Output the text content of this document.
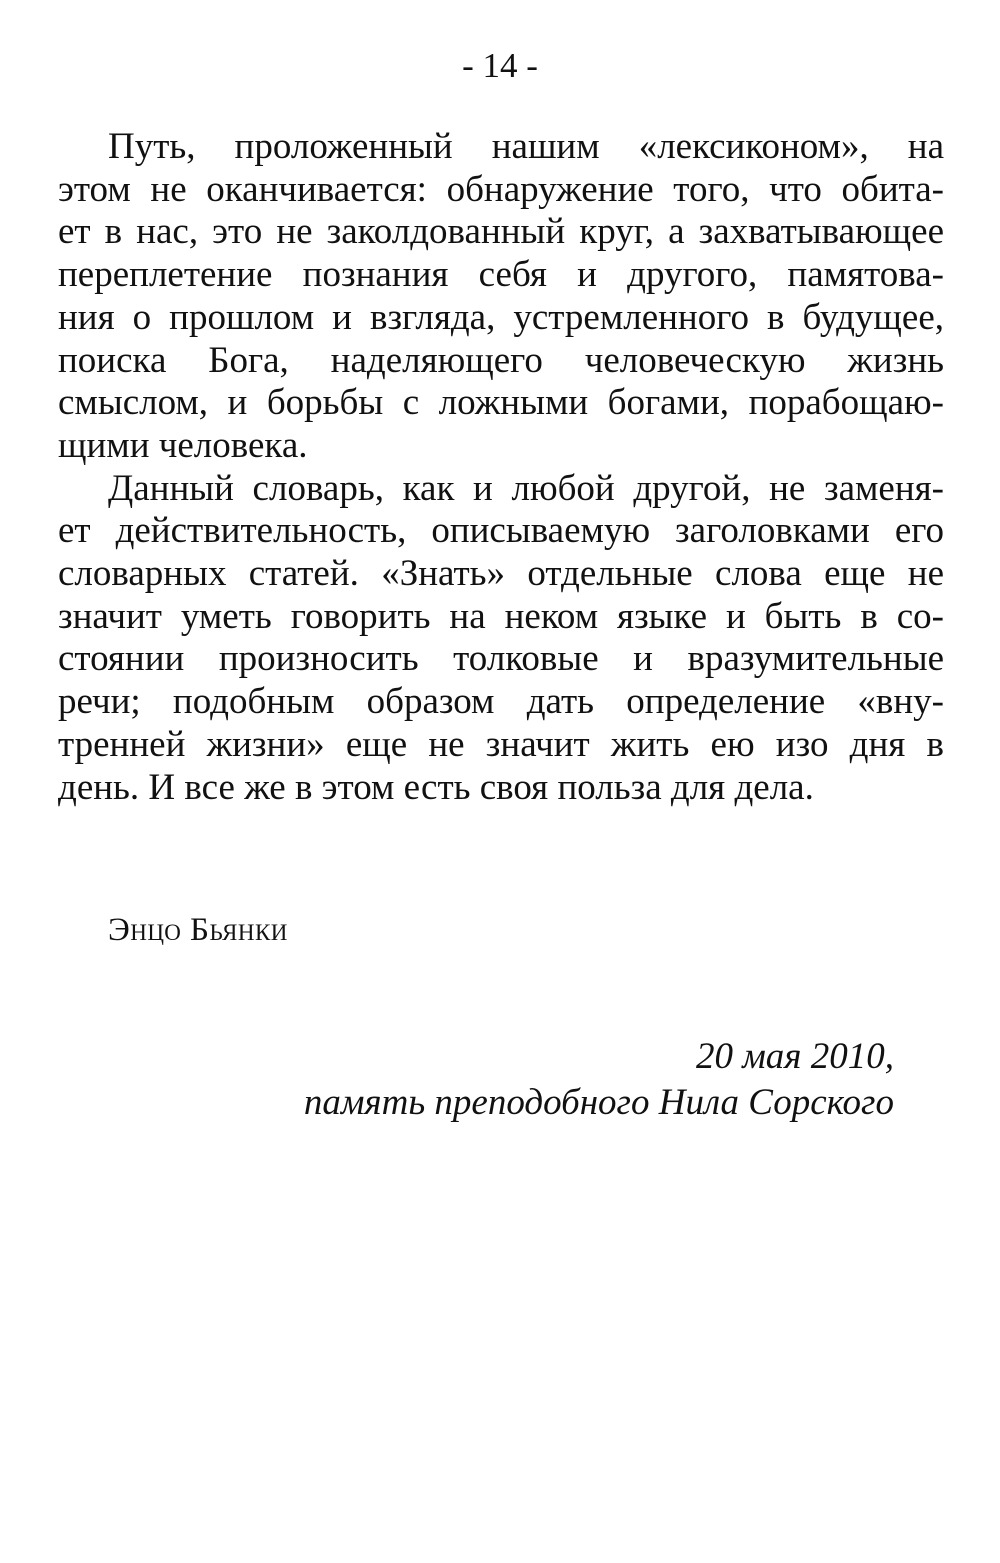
- 14 -

Путь, проложенный нашим «лексиконом», на
этом не оканчивается: обнаружение того, что обита-
ет в нас, это не заколдованный круг, а захватывающее
переплетение познания себя и другого, памятова-
ния о прошлом и взгляда, устремленного в будущее,
поиска Бога, наделяющего человеческую жизнь
смыслом, и борьбы с ложными богами, порабощаю-
щими человека.

Данный словарь, как и любой другой, не заменя-
ет действительность, описываемую заголовками его
словарных статей. «Знать» отдельные слова еще не
значит уметь говорить на неком языке и быть в со-
стоянии произносить толковые и вразумительные
речи; подобным образом дать определение «вну-
тренней жизни» еще не значит жить ею изо дня в
день. И все же в этом есть своя польза для дела.

Энцо Бьянки
20 мая 2010,
память преподобного Нила Сорского
